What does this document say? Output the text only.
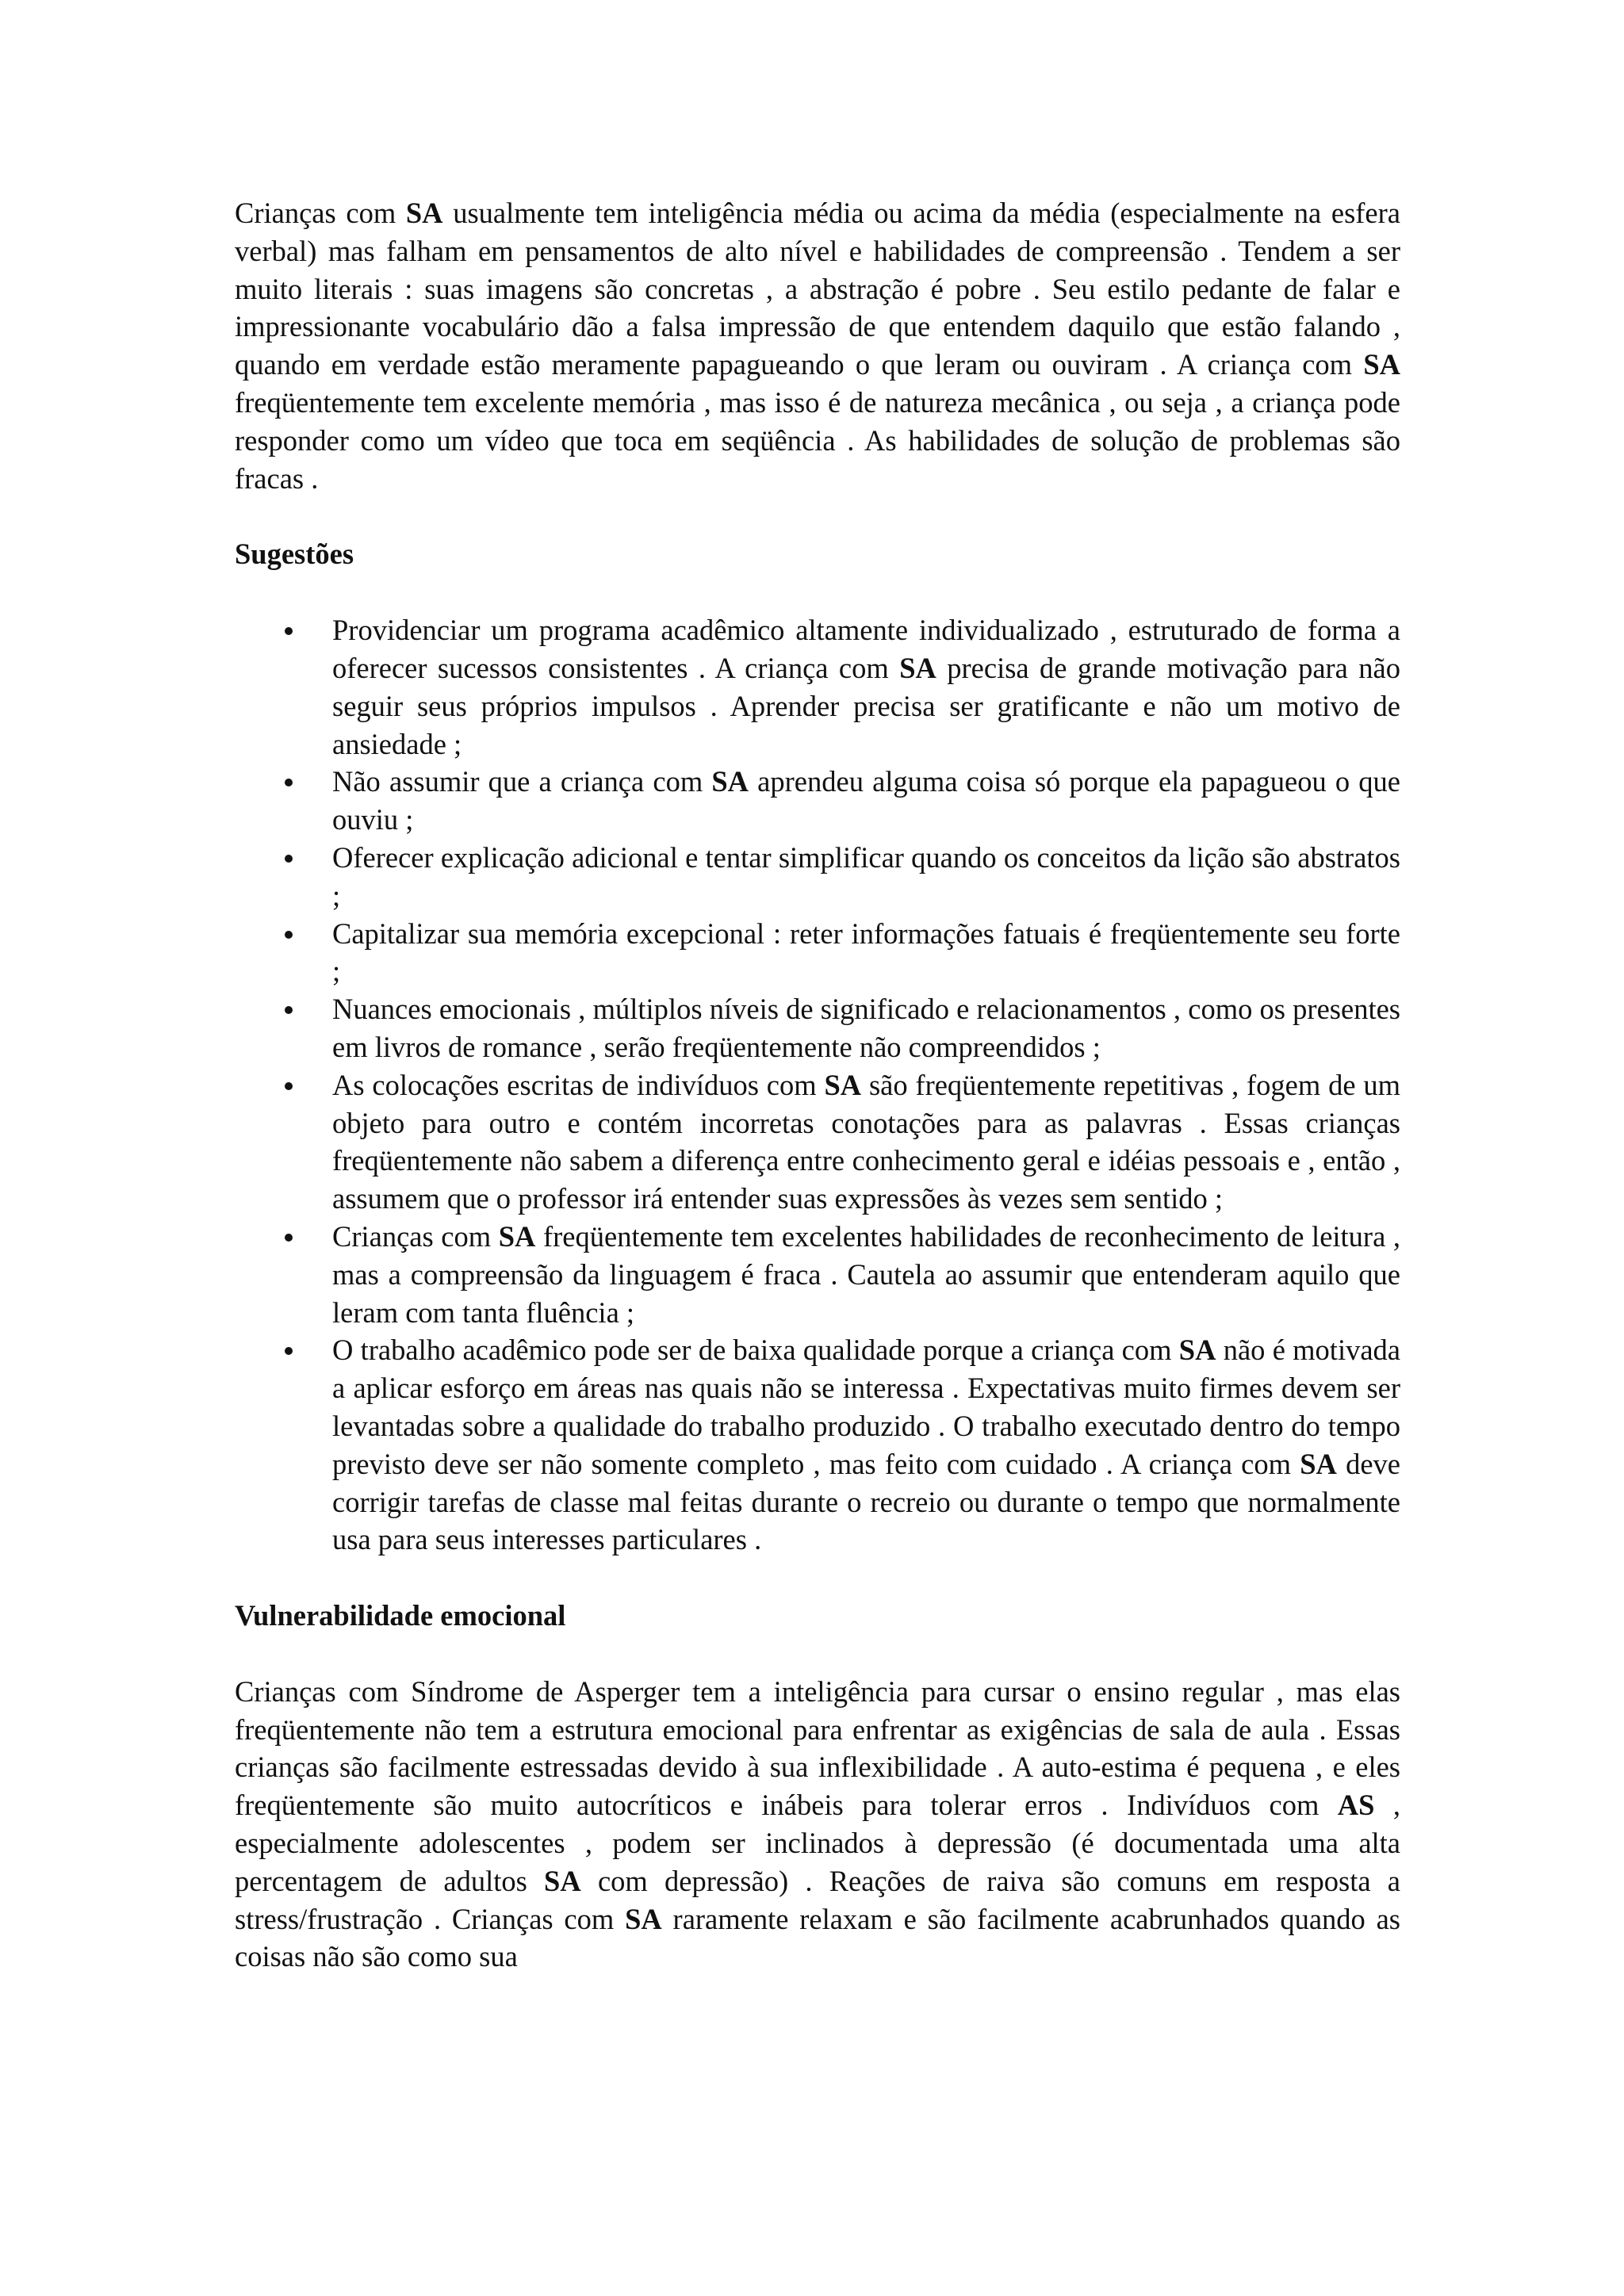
Crianças com SA usualmente tem inteligência média ou acima da média (especialmente na esfera verbal) mas falham em pensamentos de alto nível e habilidades de compreensão . Tendem a ser muito literais : suas imagens são concretas , a abstração é pobre . Seu estilo pedante de falar e impressionante vocabulário dão a falsa impressão de que entendem daquilo que estão falando , quando em verdade estão meramente papagueando o que leram ou ouviram . A criança com SA freqüentemente tem excelente memória , mas isso é de natureza mecânica , ou seja , a criança pode responder como um vídeo que toca em seqüência . As habilidades de solução de problemas são fracas .

Sugestões

Providenciar um programa acadêmico altamente individualizado , estruturado de forma a oferecer sucessos consistentes . A criança com SA precisa de grande motivação para não seguir seus próprios impulsos . Aprender precisa ser gratificante e não um motivo de ansiedade ;
Não assumir que a criança com SA aprendeu alguma coisa só porque ela papagueou o que ouviu ;
Oferecer explicação adicional e tentar simplificar quando os conceitos da lição são abstratos ;
Capitalizar sua memória excepcional : reter informações fatuais é freqüentemente seu forte ;
Nuances emocionais , múltiplos níveis de significado e relacionamentos , como os presentes em livros de romance , serão freqüentemente não compreendidos ;
As colocações escritas de indivíduos com SA são freqüentemente repetitivas , fogem de um objeto para outro e contém incorretas conotações para as palavras . Essas crianças freqüentemente não sabem a diferença entre conhecimento geral e idéias pessoais e , então , assumem que o professor irá entender suas expressões às vezes sem sentido ;
Crianças com SA freqüentemente tem excelentes habilidades de reconhecimento de leitura , mas a compreensão da linguagem é fraca . Cautela ao assumir que entenderam aquilo que leram com tanta fluência ;
O trabalho acadêmico pode ser de baixa qualidade porque a criança com SA não é motivada a aplicar esforço em áreas nas quais não se interessa . Expectativas muito firmes devem ser levantadas sobre a qualidade do trabalho produzido . O trabalho executado dentro do tempo previsto deve ser não somente completo , mas feito com cuidado . A criança com SA deve corrigir tarefas de classe mal feitas durante o recreio ou durante o tempo que normalmente usa para seus interesses particulares .

Vulnerabilidade emocional

Crianças com Síndrome de Asperger tem a inteligência para cursar o ensino regular , mas elas freqüentemente não tem a estrutura emocional para enfrentar as exigências de sala de aula . Essas crianças são facilmente estressadas devido à sua inflexibilidade . A auto-estima é pequena , e eles freqüentemente são muito autocríticos e inábeis para tolerar erros . Indivíduos com AS , especialmente adolescentes , podem ser inclinados à depressão (é documentada uma alta percentagem de adultos SA com depressão) . Reações de raiva são comuns em resposta a stress/frustração . Crianças com SA raramente relaxam e são facilmente acabrunhados quando as coisas não são como sua
